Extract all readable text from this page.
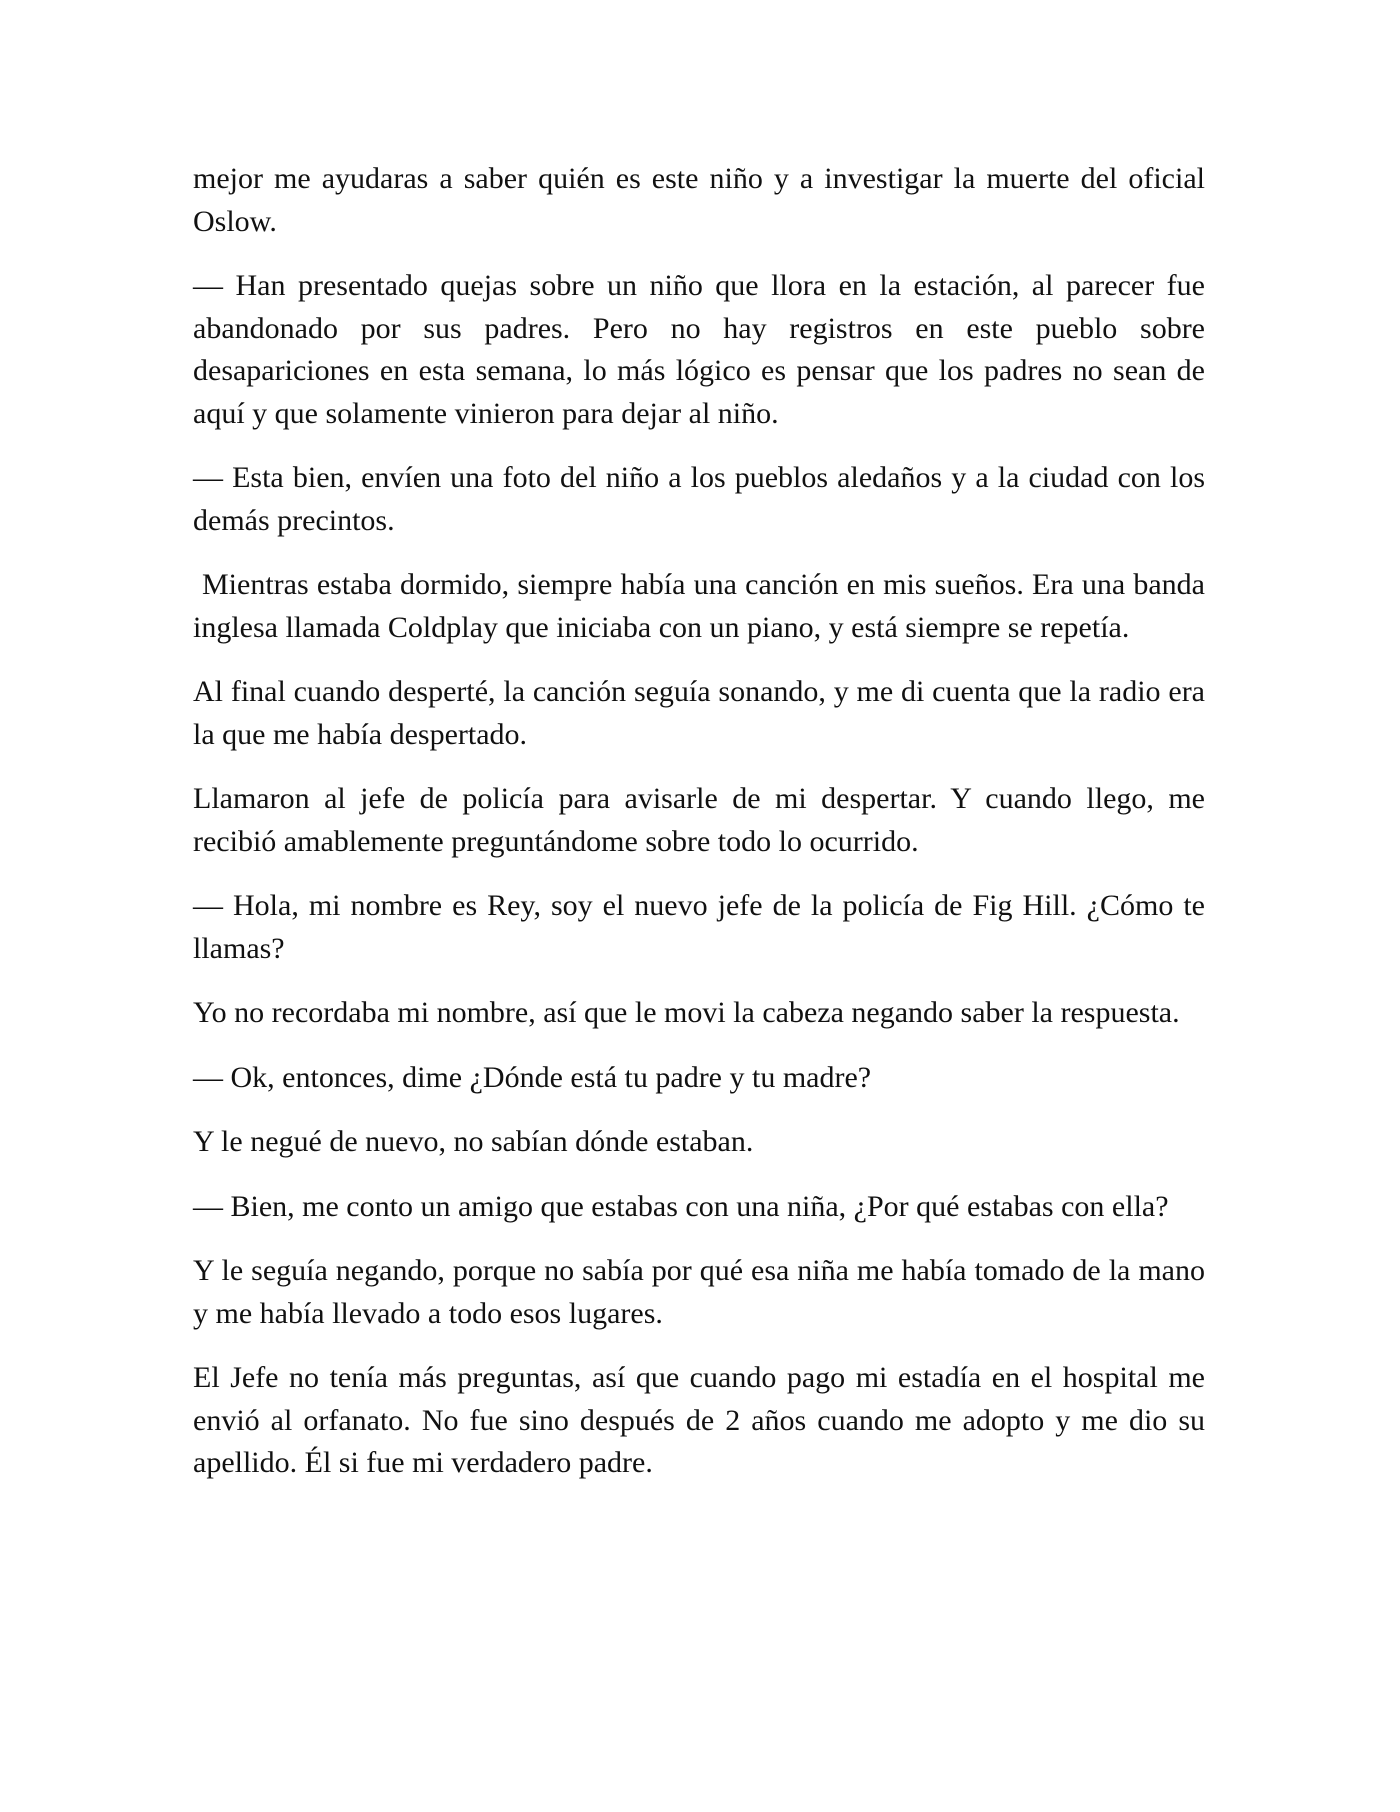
mejor me ayudaras a saber quién es este niño y a investigar la muerte del oficial Oslow.

— Han presentado quejas sobre un niño que llora en la estación, al parecer fue abandonado por sus padres. Pero no hay registros en este pueblo sobre desapariciones en esta semana, lo más lógico es pensar que los padres no sean de aquí y que solamente vinieron para dejar al niño.

— Esta bien, envíen una foto del niño a los pueblos aledaños y a la ciudad con los demás precintos.

Mientras estaba dormido, siempre había una canción en mis sueños. Era una banda inglesa llamada Coldplay que iniciaba con un piano, y está siempre se repetía.

Al final cuando desperté, la canción seguía sonando, y me di cuenta que la radio era la que me había despertado.

Llamaron al jefe de policía para avisarle de mi despertar. Y cuando llego, me recibió amablemente preguntándome sobre todo lo ocurrido.

— Hola, mi nombre es Rey, soy el nuevo jefe de la policía de Fig Hill. ¿Cómo te llamas?

Yo no recordaba mi nombre, así que le movi la cabeza negando saber la respuesta.

— Ok, entonces, dime ¿Dónde está tu padre y tu madre?

Y le negué de nuevo, no sabían dónde estaban.

— Bien, me conto un amigo que estabas con una niña, ¿Por qué estabas con ella?

Y le seguía negando, porque no sabía por qué esa niña me había tomado de la mano y me había llevado a todo esos lugares.

El Jefe no tenía más preguntas, así que cuando pago mi estadía en el hospital me envió al orfanato. No fue sino después de 2 años cuando me adopto y me dio su apellido. Él si fue mi verdadero padre.
